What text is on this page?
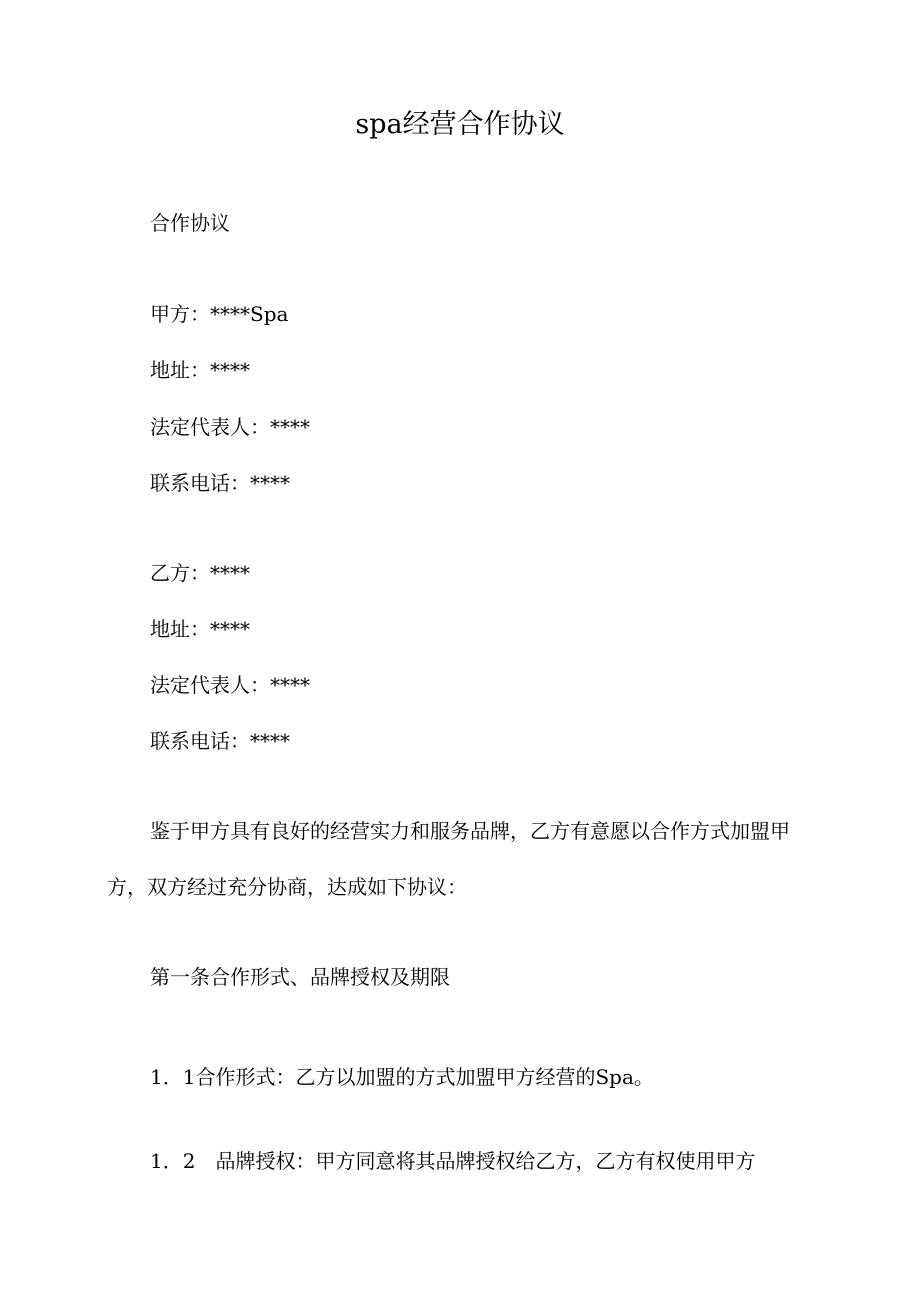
spa经营合作协议
合作协议
甲方：****Spa
地址：****
法定代表人：****
联系电话：****
乙方：****
地址：****
法定代表人：****
联系电话：****

鉴于甲方具有良好的经营实力和服务品牌，乙方有意愿以合作方式加盟甲方，双方经过充分协商，达成如下协议：

第一条合作形式、品牌授权及期限
1．1合作形式：乙方以加盟的方式加盟甲方经营的Spa。
1．2　品牌授权：甲方同意将其品牌授权给乙方，乙方有权使用甲方
